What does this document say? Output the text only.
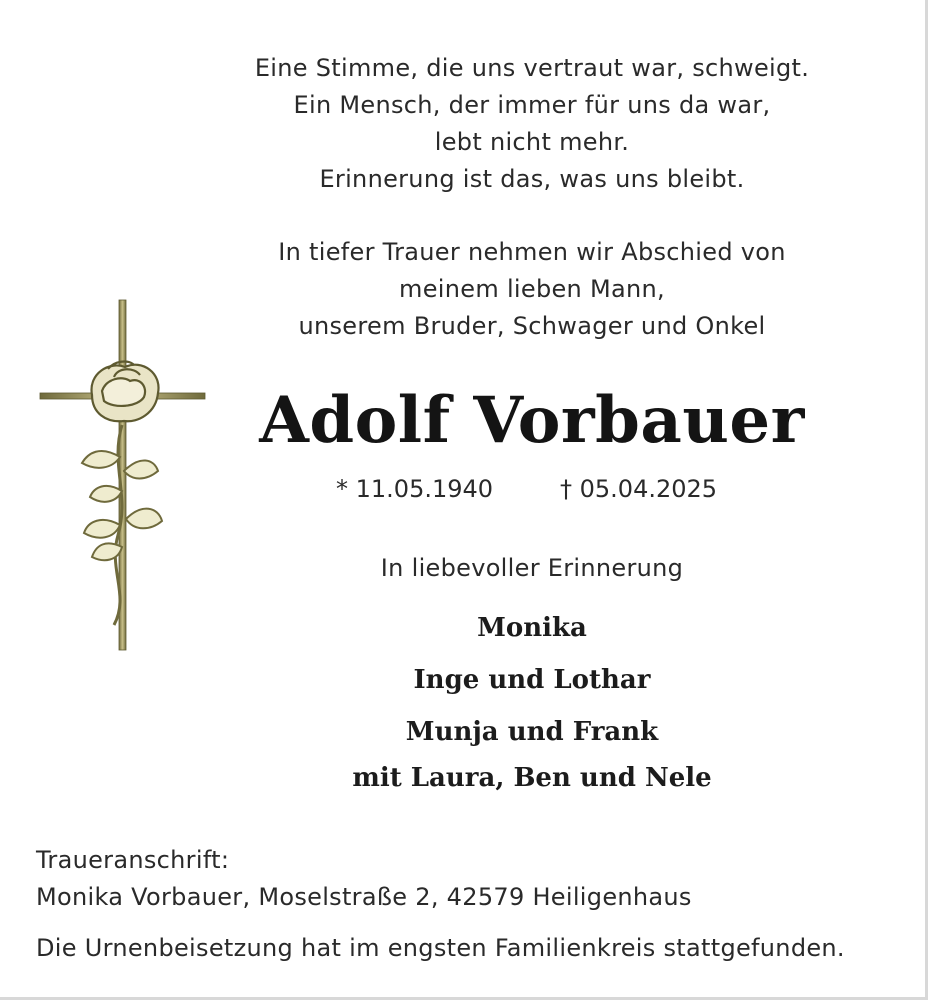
Eine Stimme, die uns vertraut war, schweigt.
Ein Mensch, der immer für uns da war,
lebt nicht mehr.
Erinnerung ist das, was uns bleibt.
In tiefer Trauer nehmen wir Abschied von
meinem lieben Mann,
unserem Bruder, Schwager und Onkel
Adolf Vorbauer
* 11.05.1940	† 05.04.2025
In liebevoller Erinnerung
Monika
Inge und Lothar
Munja und Frank
mit Laura, Ben und Nele
Traueranschrift:
Monika Vorbauer, Moselstraße 2, 42579 Heiligenhaus
Die Urnenbeisetzung hat im engsten Familienkreis stattgefunden.
